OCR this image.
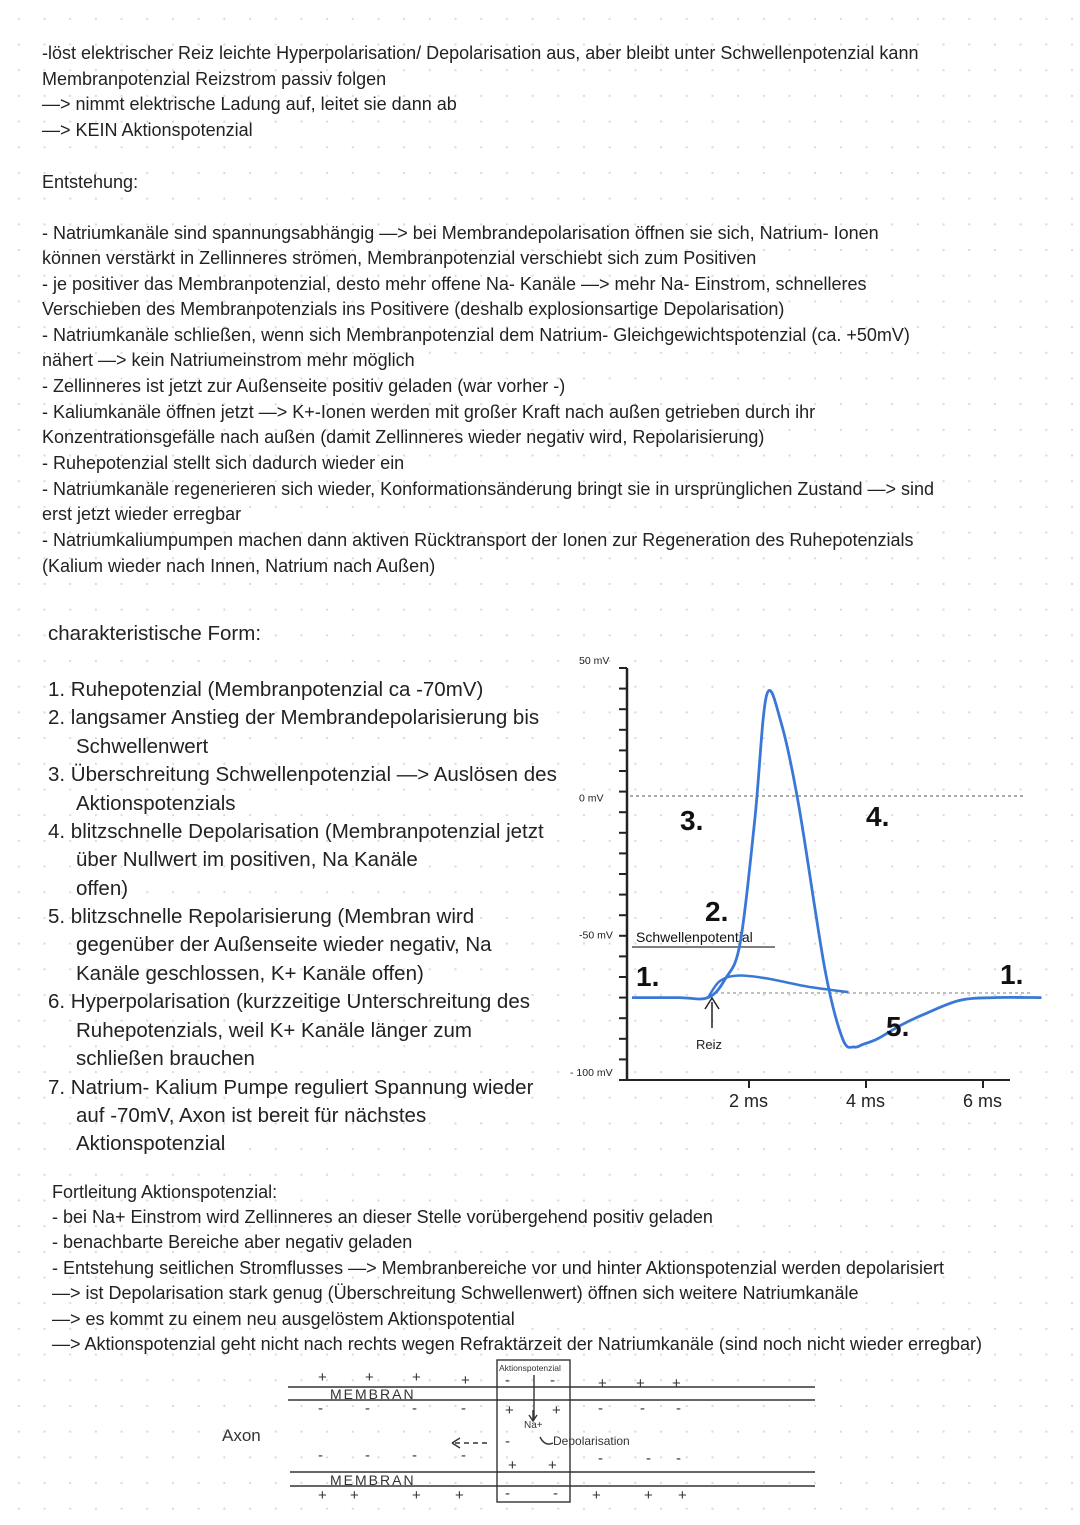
-löst elektrischer Reiz leichte Hyperpolarisation/ Depolarisation aus, aber bleibt unter Schwellenpotenzial kann
Membranpotenzial Reizstrom passiv folgen
—> nimmt elektrische Ladung auf, leitet sie dann ab
—> KEIN Aktionspotenzial
Entstehung:
- Natriumkanäle sind spannungsabhängig —> bei Membrandepolarisation öffnen sie sich, Natrium- Ionen
können verstärkt in Zellinneres strömen, Membranpotenzial verschiebt sich zum Positiven
- je positiver das Membranpotenzial, desto mehr offene Na- Kanäle —> mehr Na- Einstrom, schnelleres
Verschieben des Membranpotenzials ins Positivere (deshalb explosionsartige Depolarisation)
- Natriumkanäle schließen, wenn sich Membranpotenzial dem Natrium- Gleichgewichtspotenzial (ca. +50mV)
nähert —> kein Natriumeinstrom mehr möglich
- Zellinneres ist jetzt zur Außenseite positiv geladen (war vorher -)
- Kaliumkanäle öffnen jetzt —> K+-Ionen werden mit großer Kraft nach außen getrieben durch ihr
Konzentrationsgefälle nach außen (damit Zellinneres wieder negativ wird, Repolarisierung)
- Ruhepotenzial stellt sich dadurch wieder ein
- Natriumkanäle regenerieren sich wieder, Konformationsänderung bringt sie in ursprünglichen Zustand —> sind
erst jetzt wieder erregbar
- Natriumkaliumpumpen machen dann aktiven Rücktransport der Ionen zur Regeneration des Ruhepotenzials
(Kalium wieder nach Innen, Natrium nach Außen)
charakteristische Form:
1. Ruhepotenzial (Membranpotenzial ca -70mV)
2. langsamer Anstieg der Membrandepolarisierung bis
Schwellenwert
3. Überschreitung Schwellenpotenzial —> Auslösen des
Aktionspotenzials
4. blitzschnelle Depolarisation (Membranpotenzial jetzt
über Nullwert im positiven, Na Kanäle
offen)
5. blitzschnelle Repolarisierung (Membran wird
gegenüber der Außenseite wieder negativ, Na
Kanäle geschlossen, K+ Kanäle offen)
6. Hyperpolarisation (kurzzeitige Unterschreitung des
Ruhepotenzials, weil K+ Kanäle länger zum
schließen brauchen
7. Natrium- Kalium Pumpe reguliert Spannung wieder
auf -70mV, Axon ist bereit für nächstes
Aktionspotenzial
50 mV
0 mV
-50 mV
- 100 mV
2 ms	4 ms	6 ms
Schwellenpotential
Reiz
1.
2.
3.	4.
5.
1.
Fortleitung Aktionspotenzial:
- bei Na+ Einstrom wird Zellinneres an dieser Stelle vorübergehend positiv geladen
- benachbarte Bereiche aber negativ geladen
- Entstehung seitlichen Stromflusses —> Membranbereiche vor und hinter Aktionspotenzial werden depolarisiert
—> ist Depolarisation stark genug (Überschreitung Schwellenwert) öffnen sich weitere Natriumkanäle
—> es kommt zu einem neu ausgelöstem Aktionspotential
—> Aktionspotenzial geht nicht nach rechts wegen Refraktärzeit der Natriumkanäle (sind noch nicht wieder erregbar)
Axon
MEMBRAN
MEMBRAN
Aktionspotenzial
Depolarisation
Na+
+	+	+	+
-	-	-	-
-	-	+ + +
+	+ - - -
-
+ +	-	- -
-	-	-	-
+ +	+ +	-	- +	+ +
